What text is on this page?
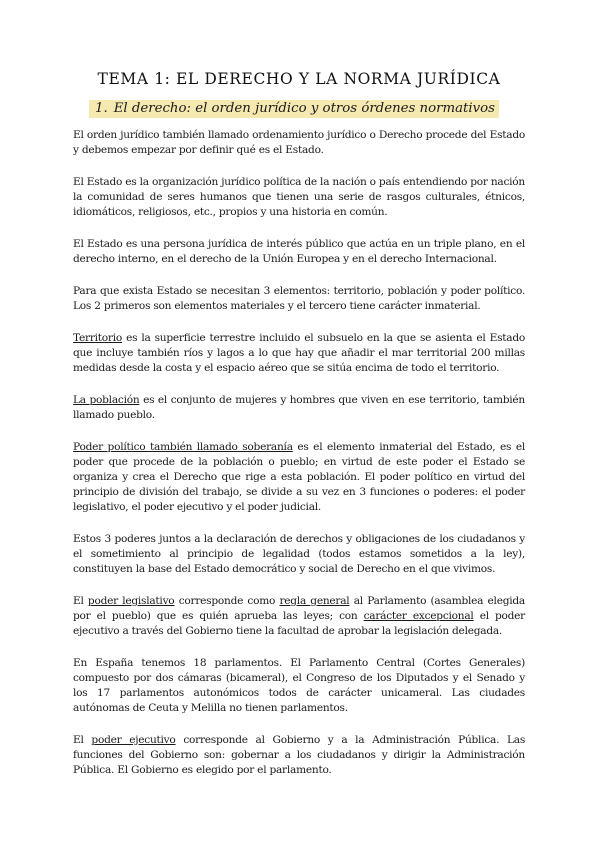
TEMA 1: EL DERECHO Y LA NORMA JURÍDICA
1. El derecho: el orden jurídico y otros órdenes normativos

El orden jurídico también llamado ordenamiento jurídico o Derecho procede del Estado y debemos empezar por definir qué es el Estado.

El Estado es la organización jurídico política de la nación o país entendiendo por nación la comunidad de seres humanos que tienen una serie de rasgos culturales, étnicos, idiomáticos, religiosos, etc., propios y una historia en común.

El Estado es una persona jurídica de interés público que actúa en un triple plano, en el derecho interno, en el derecho de la Unión Europea y en el derecho Internacional.

Para que exista Estado se necesitan 3 elementos: territorio, población y poder político. Los 2 primeros son elementos materiales y el tercero tiene carácter inmaterial.

Territorio es la superficie terrestre incluido el subsuelo en la que se asienta el Estado que incluye también ríos y lagos a lo que hay que añadir el mar territorial 200 millas medidas desde la costa y el espacio aéreo que se sitúa encima de todo el territorio.

La población es el conjunto de mujeres y hombres que viven en ese territorio, también llamado pueblo.

Poder político también llamado soberanía es el elemento inmaterial del Estado, es el poder que procede de la población o pueblo; en virtud de este poder el Estado se organiza y crea el Derecho que rige a esta población. El poder político en virtud del principio de división del trabajo, se divide a su vez en 3 funciones o poderes: el poder legislativo, el poder ejecutivo y el poder judicial.

Estos 3 poderes juntos a la declaración de derechos y obligaciones de los ciudadanos y el sometimiento al principio de legalidad (todos estamos sometidos a la ley), constituyen la base del Estado democrático y social de Derecho en el que vivimos.

El poder legislativo corresponde como regla general al Parlamento (asamblea elegida por el pueblo) que es quién aprueba las leyes; con carácter excepcional el poder ejecutivo a través del Gobierno tiene la facultad de aprobar la legislación delegada.

En España tenemos 18 parlamentos. El Parlamento Central (Cortes Generales) compuesto por dos cámaras (bicameral), el Congreso de los Diputados y el Senado y los 17 parlamentos autonómicos todos de carácter unicameral. Las ciudades autónomas de Ceuta y Melilla no tienen parlamentos.

El poder ejecutivo corresponde al Gobierno y a la Administración Pública. Las funciones del Gobierno son: gobernar a los ciudadanos y dirigir la Administración Pública. El Gobierno es elegido por el parlamento.
